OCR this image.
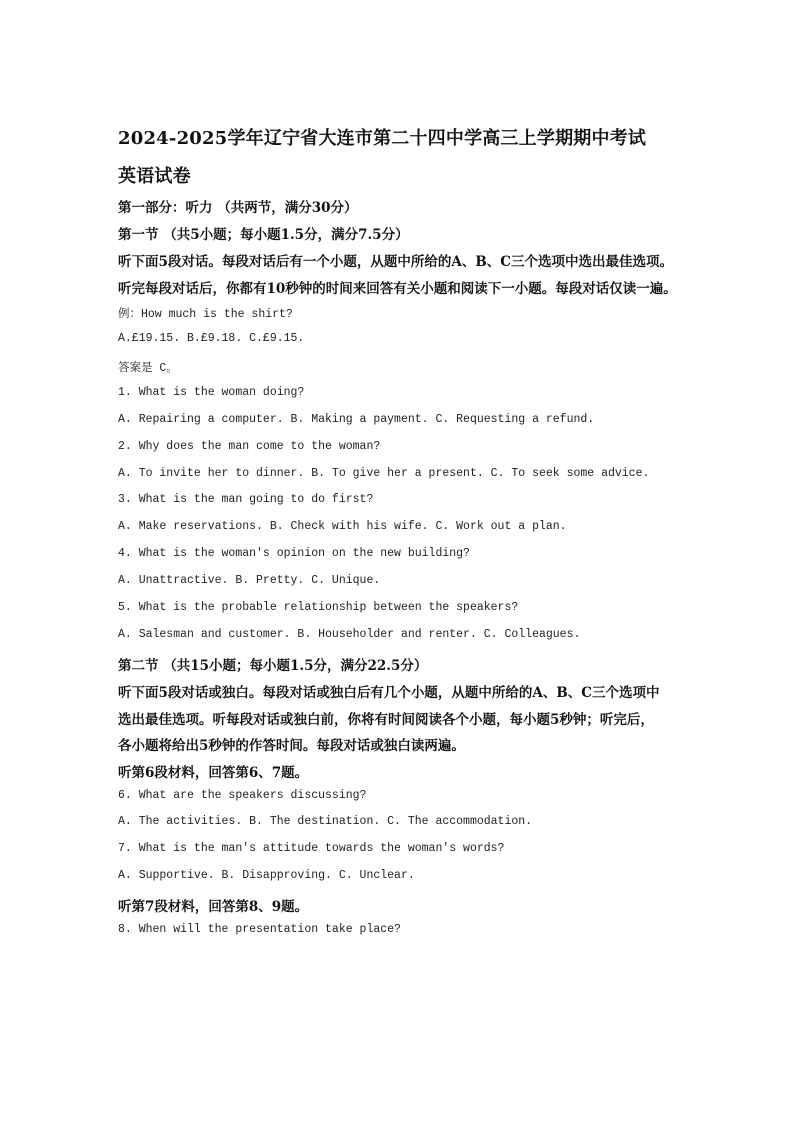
2024-2025学年辽宁省大连市第二十四中学高三上学期期中考试
英语试卷
第一部分：听力 （共两节，满分30分）
第一节 （共5小题；每小题1.5分，满分7.5分）
听下面5段对话。每段对话后有一个小题，从题中所给的A、B、C三个选项中选出最佳选项。
听完每段对话后，你都有10秒钟的时间来回答有关小题和阅读下一小题。每段对话仅读一遍。
例：How much is the shirt?
A.£19.15. B.£9.18. C.£9.15.
答案是 C。
1. What is the woman doing?
A. Repairing a computer. B. Making a payment. C. Requesting a refund.
2. Why does the man come to the woman?
A. To invite her to dinner. B. To give her a present. C. To seek some advice.
3. What is the man going to do first?
A. Make reservations. B. Check with his wife. C. Work out a plan.
4. What is the woman's opinion on the new building?
A. Unattractive. B. Pretty. C. Unique.
5. What is the probable relationship between the speakers?
A. Salesman and customer. B. Householder and renter. C. Colleagues.
第二节 （共15小题；每小题1.5分，满分22.5分）
听下面5段对话或独白。每段对话或独白后有几个小题，从题中所给的A、B、C三个选项中
选出最佳选项。听每段对话或独白前，你将有时间阅读各个小题，每小题5秒钟；听完后，
各小题将给出5秒钟的作答时间。每段对话或独白读两遍。
听第6段材料，回答第6、7题。
6. What are the speakers discussing?
A. The activities. B. The destination. C. The accommodation.
7. What is the man's attitude towards the woman's words?
A. Supportive. B. Disapproving. C. Unclear.
听第7段材料，回答第8、9题。
8. When will the presentation take place?
